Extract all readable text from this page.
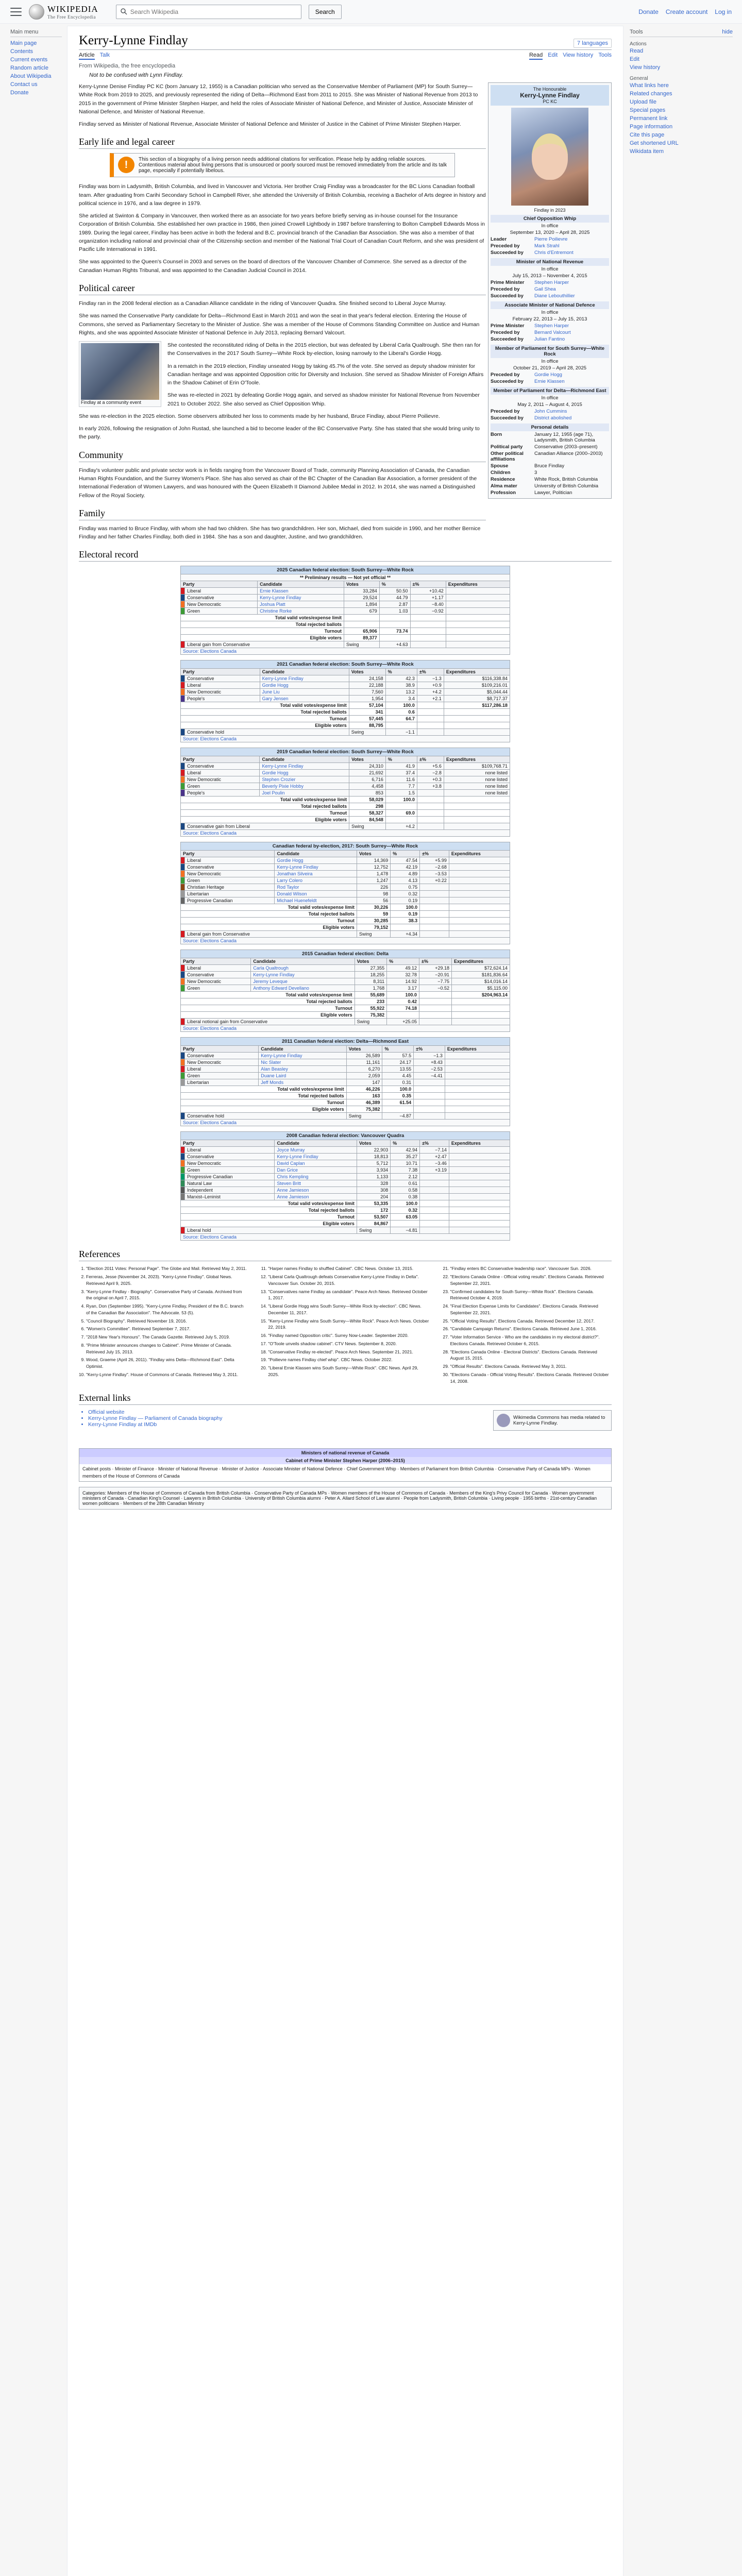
WIKIPEDIA
The Free Encyclopedia
Search Wikipedia
Search	Donate Create account Log in
Main menu
Main page
Contents
Current events
Random article
About Wikipedia
Contact us
Donate
Tools	hide
Actions
Read
Edit
View history
General
What links here
Related changes
Upload file
Special pages
Permanent link
Page information
Cite this page
Get shortened URL
Wikidata item
Kerry-Lynne Findlay	7 languages
Article Talk	Read Edit View history Tools
From Wikipedia, the free encyclopedia
Not to be confused with Lynn Findlay.
The Honourable
Kerry-Lynne Findlay
PC KC
Findlay in 2023
Chief Opposition Whip
In office
September 13, 2020 – April 28, 2025
Leader	Pierre Poilievre
Preceded by	Mark Strahl
Succeeded by	Chris d'Entremont
Minister of National Revenue
In office
July 15, 2013 – November 4, 2015
Prime Minister	Stephen Harper
Preceded by	Gail Shea
Succeeded by	Diane Lebouthillier
Associate Minister of National Defence
In office
February 22, 2013 – July 15, 2013
Prime Minister	Stephen Harper
Preceded by	Bernard Valcourt
Succeeded by	Julian Fantino
Member of Parliament for South Surrey—White Rock
In office
October 21, 2019 – April 28, 2025
Preceded by	Gordie Hogg
Succeeded by	Ernie Klassen
Member of Parliament for Delta—Richmond East
In office
May 2, 2011 – August 4, 2015
Preceded by	John Cummins
Succeeded by	District abolished
Personal details
Born	January 12, 1955 (age 71), Ladysmith, British Columbia
Political party	Conservative (2003–present)
Other political affiliations
Canadian Alliance (2000–2003)
Spouse	Bruce Findlay
Children	3
Residence	White Rock, British Columbia
Alma mater	University of British Columbia
Profession	Lawyer, Politician

Kerry-Lynne Denise Findlay PC KC (born January 12, 1955) is a Canadian politician who served as the Conservative Member of Parliament (MP) for South Surrey—White Rock from 2019 to 2025, and previously represented the riding of Delta—Richmond East from 2011 to 2015. She was Minister of National Revenue from 2013 to 2015 in the government of Prime Minister Stephen Harper, and held the roles of Associate Minister of National Defence, and Minister of Justice, Associate Minister of National Defence, and Minister of National Revenue.

Findlay served as Minister of National Revenue, Associate Minister of National Defence and Minister of Justice in the Cabinet of Prime Minister Stephen Harper.

Early life and legal career
!	This section of a biography of a living person needs additional citations for verification. Please help by adding reliable sources. Contentious material about living persons that is unsourced or poorly sourced must be removed immediately from the article and its talk page, especially if potentially libelous.

Findlay was born in Ladysmith, British Columbia, and lived in Vancouver and Victoria. Her brother Craig Findlay was a broadcaster for the BC Lions Canadian football team. After graduating from Carihi Secondary School in Campbell River, she attended the University of British Columbia, receiving a Bachelor of Arts degree in history and political science in 1976, and a law degree in 1979.

She articled at Swinton & Company in Vancouver, then worked there as an associate for two years before briefly serving as in-house counsel for the Insurance Corporation of British Columbia. She established her own practice in 1986, then joined Crowell Lightbody in 1987 before transferring to Bolton Campbell Edwards Moss in 1989. During the legal career, Findlay has been active in both the federal and B.C. provincial branch of the Canadian Bar Association. She was also a member of that organization including national and provincial chair of the Citizenship section and member of the National Trial Court of Canadian Court Reform, and she was president of Pacific Life International in 1991.

She was appointed to the Queen's Counsel in 2003 and serves on the board of directors of the Vancouver Chamber of Commerce. She served as a director of the Canadian Human Rights Tribunal, and was appointed to the Canadian Judicial Council in 2014.

Political career

Findlay ran in the 2008 federal election as a Canadian Alliance candidate in the riding of Vancouver Quadra. She finished second to Liberal Joyce Murray.

She was named the Conservative Party candidate for Delta—Richmond East in March 2011 and won the seat in that year's federal election. Entering the House of Commons, she served as Parliamentary Secretary to the Minister of Justice. She was a member of the House of Commons Standing Committee on Justice and Human Rights, and she was appointed Associate Minister of National Defence in July 2013, replacing Bernard Valcourt.

Findlay at a community event

She contested the reconstituted riding of Delta in the 2015 election, but was defeated by Liberal Carla Qualtrough. She then ran for the Conservatives in the 2017 South Surrey—White Rock by-election, losing narrowly to the Liberal's Gordie Hogg.

In a rematch in the 2019 election, Findlay unseated Hogg by taking 45.7% of the vote. She served as deputy shadow minister for Canadian heritage and was appointed Opposition critic for Diversity and Inclusion. She served as Shadow Minister of Foreign Affairs in the Shadow Cabinet of Erin O'Toole.

She was re-elected in 2021 by defeating Gordie Hogg again, and served as shadow minister for National Revenue from November 2021 to October 2022. She also served as Chief Opposition Whip.

She was re-election in the 2025 election. Some observers attributed her loss to comments made by her husband, Bruce Findlay, about Pierre Poilievre.

In early 2026, following the resignation of John Rustad, she launched a bid to become leader of the BC Conservative Party. She has stated that she would bring unity to the party.

Community

Findlay's volunteer public and private sector work is in fields ranging from the Vancouver Board of Trade, community Planning Association of Canada, the Canadian Human Rights Foundation, and the Surrey Women's Place. She has also served as chair of the BC Chapter of the Canadian Bar Association, a former president of the International Federation of Women Lawyers, and was honoured with the Queen Elizabeth II Diamond Jubilee Medal in 2012. In 2014, she was named a Distinguished Fellow of the Royal Society.

Family

Findlay was married to Bruce Findlay, with whom she had two children. She has two grandchildren. Her son, Michael, died from suicide in 1990, and her mother Bernice Findlay and her father Charles Findlay, both died in 1984. She has a son and daughter, Justine, and two grandchildren.

Electoral record
2025 Canadian federal election: South Surrey—White Rock
** Preliminary results — Not yet official **						
Party		Candidate	Votes	%	±%	Expenditures
	Liberal	Ernie Klassen	33,284	50.50	+10.42	
	Conservative	Kerry-Lynne Findlay	29,524	44.79	+1.17	
	New Democratic	Joshua Platt	1,894	2.87	−8.40	
	Green	Christine Rorke	679	1.03	−0.92	
Total valid votes/expense limit						
Total rejected ballots						
Turnout			65,906	73.74		
Eligible voters			89,377			
	Liberal gain from Conservative		Swing	+4.63		
Source: Elections Canada						
2021 Canadian federal election: South Surrey—White Rock
Party		Candidate	Votes	%	±%	Expenditures
	Conservative	Kerry-Lynne Findlay	24,158	42.3	−1.3	$116,338.84
	Liberal	Gordie Hogg	22,188	38.9	+0.9	$109,216.01
	New Democratic	June Liu	7,560	13.2	+4.2	$5,044.44
	People's	Gary Jensen	1,954	3.4	+2.1	$8,717.37
Total valid votes/expense limit			57,104	100.0		$117,286.18
Total rejected ballots			341	0.6		
Turnout			57,445	64.7		
Eligible voters			88,795			
	Conservative hold		Swing	−1.1		
Source: Elections Canada						
2019 Canadian federal election: South Surrey—White Rock
Party		Candidate	Votes	%	±%	Expenditures
	Conservative	Kerry-Lynne Findlay	24,310	41.9	+5.6	$109,768.71
	Liberal	Gordie Hogg	21,692	37.4	−2.8	none listed
	New Democratic	Stephen Crozier	6,716	11.6	+0.3	none listed
	Green	Beverly Pixie Hobby	4,458	7.7	+3.8	none listed
	People's	Joel Poulin	853	1.5		none listed
Total valid votes/expense limit			58,029	100.0		
Total rejected ballots			298			
Turnout			58,327	69.0		
Eligible voters			84,548			
	Conservative gain from Liberal		Swing	+4.2		
Source: Elections Canada						
Canadian federal by-election, 2017: South Surrey—White Rock
Party		Candidate	Votes	%	±%	Expenditures
	Liberal	Gordie Hogg	14,369	47.54	+5.99	
	Conservative	Kerry-Lynne Findlay	12,752	42.19	−2.68	
	New Democratic	Jonathan Silveira	1,478	4.89	−3.53	
	Green	Larry Colero	1,247	4.13	+0.22	
	Christian Heritage	Rod Taylor	226	0.75		
	Libertarian	Donald Wilson	98	0.32		
	Progressive Canadian	Michael Huenefeldt	56	0.19		
Total valid votes/expense limit			30,226	100.0		
Total rejected ballots			59	0.19		
Turnout			30,285	38.3		
Eligible voters			79,152			
	Liberal gain from Conservative		Swing	+4.34		
Source: Elections Canada						
2015 Canadian federal election: Delta
Party		Candidate	Votes	%	±%	Expenditures
	Liberal	Carla Qualtrough	27,355	49.12	+29.18	$72,624.14
	Conservative	Kerry-Lynne Findlay	18,255	32.78	−20.91	$181,836.64
	New Democratic	Jeremy Leveque	8,311	14.92	−7.75	$14,016.14
	Green	Anthony Edward Devellano	1,768	3.17	−0.52	$5,115.00
Total valid votes/expense limit			55,689	100.0		$204,963.14
Total rejected ballots			233	0.42		
Turnout			55,922	74.18		
Eligible voters			75,382			
	Liberal notional gain from Conservative		Swing	+25.05		
Source: Elections Canada						
2011 Canadian federal election: Delta—Richmond East
Party		Candidate	Votes	%	±%	Expenditures
	Conservative	Kerry-Lynne Findlay	26,589	57.5	−1.3	
	New Democratic	Nic Slater	11,161	24.17	+8.43	
	Liberal	Alan Beasley	6,270	13.55	−2.53	
	Green	Duane Laird	2,059	4.45	−4.41	
	Libertarian	Jeff Monds	147	0.31		
Total valid votes/expense limit			46,226	100.0		
Total rejected ballots			163	0.35		
Turnout			46,389	61.54		
Eligible voters			75,382			
	Conservative hold		Swing	−4.87		
Source: Elections Canada						
2008 Canadian federal election: Vancouver Quadra
Party		Candidate	Votes	%	±%	Expenditures
	Liberal	Joyce Murray	22,903	42.94	−7.14	
	Conservative	Kerry-Lynne Findlay	18,813	35.27	+2.47	
	New Democratic	David Caplan	5,712	10.71	−3.46	
	Green	Dan Grice	3,934	7.38	+3.19	
	Progressive Canadian	Chris Kempling	1,133	2.12		
	Natural Law	Steven Britt	328	0.61		
	Independent	Anne Jamieson	308	0.58		
	Marxist–Leninist	Anne Jamieson	204	0.38		
Total valid votes/expense limit			53,335	100.0		
Total rejected ballots			172	0.32		
Turnout			53,507	63.05		
Eligible voters			84,867			
	Liberal hold		Swing	−4.81		
Source: Elections Canada						
References
1. "Election 2011 Votes: Personal Page". The Globe and Mail. Retrieved May 2, 2011.
2. Ferreras, Jesse (November 24, 2023). "Kerry-Lynne Findlay". Global News. Retrieved April 9, 2025.
3. "Kerry-Lynne Findlay - Biography". Conservative Party of Canada. Archived from the original on April 7, 2015.
4. Ryan, Don (September 1995). "Kerry-Lynne Findlay, President of the B.C. branch of the Canadian Bar Association". The Advocate. 53 (5).
5. "Council Biography". Retrieved November 19, 2016.
6. "Women's Committee". Retrieved September 7, 2017.
7. "2018 New Year's Honours". The Canada Gazette. Retrieved July 5, 2019.
8. "Prime Minister announces changes to Cabinet". Prime Minister of Canada. Retrieved July 15, 2013.
9. Wood, Graeme (April 26, 2011). "Findlay wins Delta—Richmond East". Delta Optimist.
10. "Kerry-Lynne Findlay". House of Commons of Canada. Retrieved May 3, 2011.
11. "Harper names Findlay to shuffled Cabinet". CBC News. October 13, 2015.
12. "Liberal Carla Qualtrough defeats Conservative Kerry-Lynne Findlay in Delta". Vancouver Sun. October 20, 2015.
13. "Conservatives name Findlay as candidate". Peace Arch News. Retrieved October 1, 2017.
14. "Liberal Gordie Hogg wins South Surrey—White Rock by-election". CBC News. December 11, 2017.
15. "Kerry-Lynne Findlay wins South Surrey—White Rock". Peace Arch News. October 22, 2019.
16. "Findlay named Opposition critic". Surrey Now-Leader. September 2020.
17. "O'Toole unveils shadow cabinet". CTV News. September 8, 2020.
18. "Conservative Findlay re-elected". Peace Arch News. September 21, 2021.
19. "Poilievre names Findlay chief whip". CBC News. October 2022.
20. "Liberal Ernie Klassen wins South Surrey—White Rock". CBC News. April 29, 2025.
21. "Findlay enters BC Conservative leadership race". Vancouver Sun. 2026.
22. "Elections Canada Online - Official voting results". Elections Canada. Retrieved September 22, 2021.
23. "Confirmed candidates for South Surrey—White Rock". Elections Canada. Retrieved October 4, 2019.
24. "Final Election Expense Limits for Candidates". Elections Canada. Retrieved September 22, 2021.
25. "Official Voting Results". Elections Canada. Retrieved December 12, 2017.
26. "Candidate Campaign Returns". Elections Canada. Retrieved June 1, 2016.
27. "Voter Information Service - Who are the candidates in my electoral district?". Elections Canada. Retrieved October 6, 2015.
28. "Elections Canada Online - Electoral Districts". Elections Canada. Retrieved August 15, 2015.
29. "Official Results". Elections Canada. Retrieved May 3, 2011.
30. "Elections Canada - Official Voting Results". Elections Canada. Retrieved October 14, 2008.
External links
Wikimedia Commons has media related to Kerry-Lynne Findlay.
• Official website
• Kerry-Lynne Findlay — Parliament of Canada biography
• Kerry-Lynne Findlay at IMDb
Ministers of national revenue of Canada
Cabinet of Prime Minister Stephen Harper (2006–2015)
Cabinet posts · Minister of Finance · Minister of National Revenue · Minister of Justice · Associate Minister of National Defence · Chief Government Whip · Members of Parliament from British Columbia · Conservative Party of Canada MPs · Women members of the House of Commons of Canada
Categories: Members of the House of Commons of Canada from British Columbia · Conservative Party of Canada MPs · Women members of the House of Commons of Canada · Members of the King's Privy Council for Canada · Women government ministers of Canada · Canadian King's Counsel · Lawyers in British Columbia · University of British Columbia alumni · Peter A. Allard School of Law alumni · People from Ladysmith, British Columbia · Living people · 1955 births · 21st-century Canadian women politicians · Members of the 28th Canadian Ministry
